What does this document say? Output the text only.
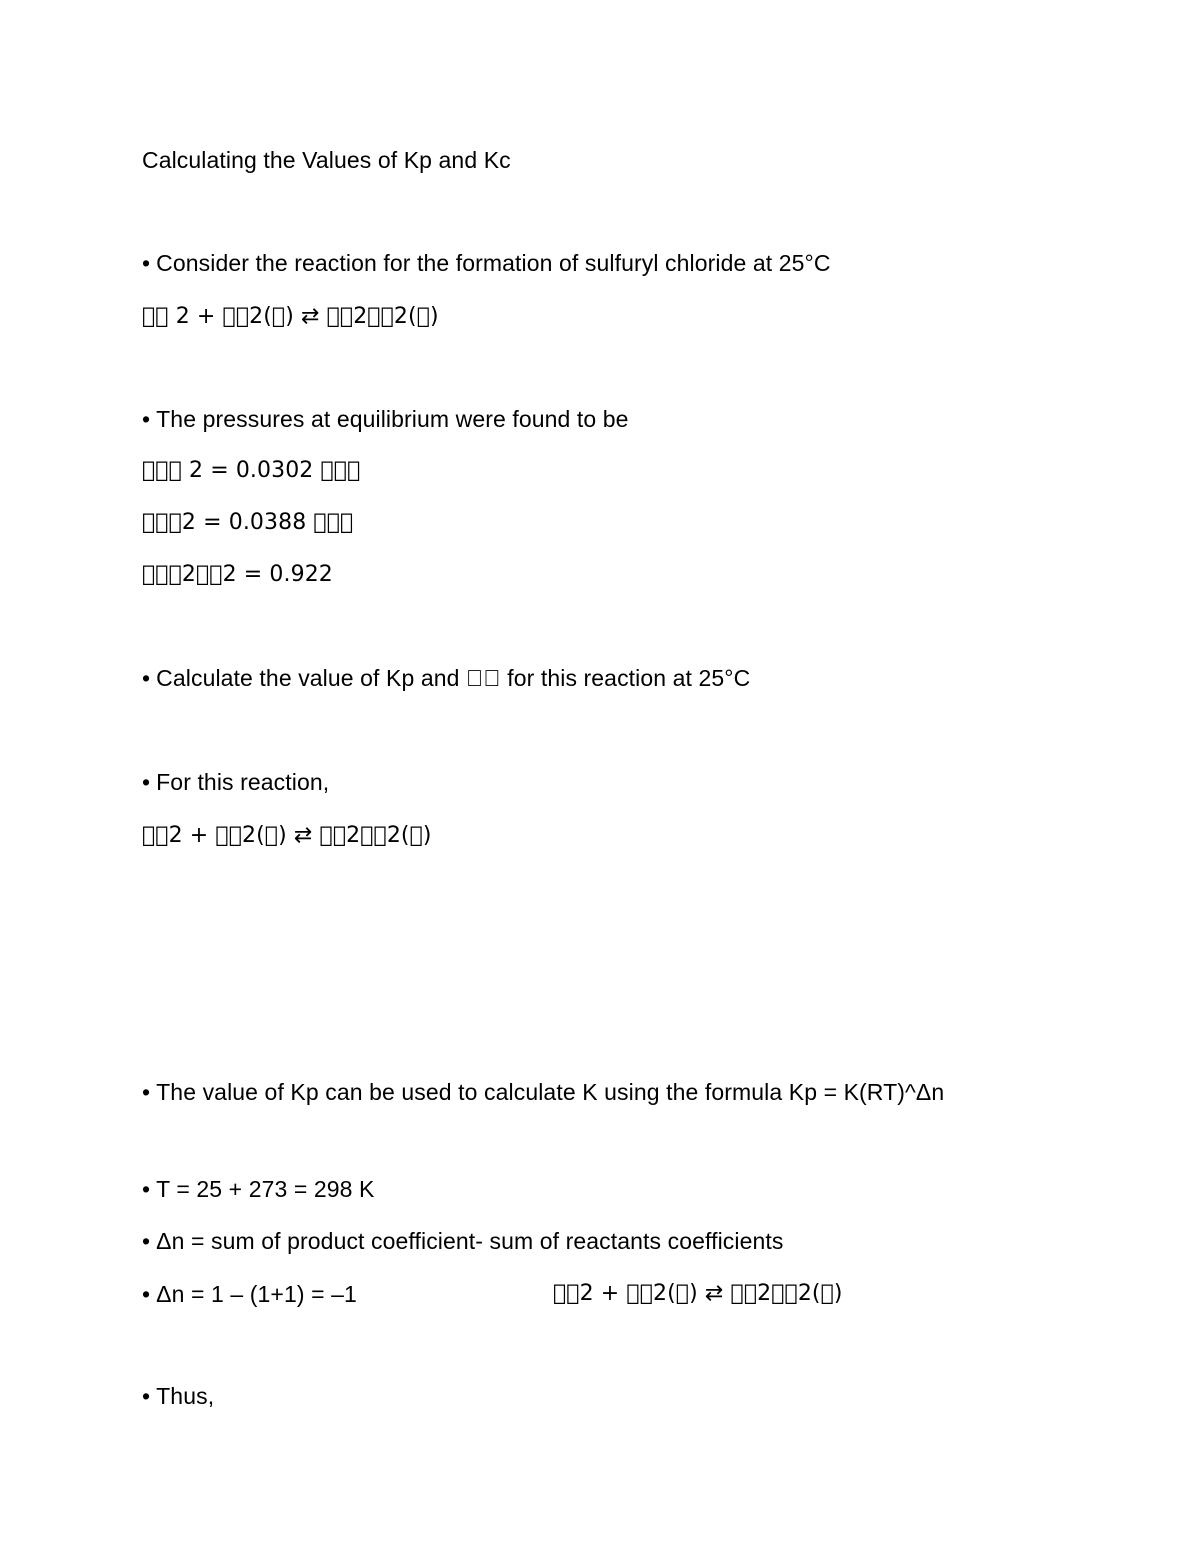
Calculating the Values of Kp and Kc
• Consider the reaction for the formation of sulfuryl chloride at 25°C
   2 +   2( ) ⇄   2  2( )
• The pressures at equilibrium were found to be
    2 = 0.0302    
   2 = 0.0388    
   2  2 = 0.922
• Calculate the value of Kp and    for this reaction at 25°C
• For this reaction,
  2 +   2( ) ⇄   2  2( )
• The value of Kp can be used to calculate K using the formula Kp = K(RT)^Δn
• T = 25 + 273 = 298 K
• Δn = sum of product coefficient- sum of reactants coefficients
• Δn = 1 – (1+1) = –1	  2 +   2( ) ⇄   2  2( )
• Thus,
